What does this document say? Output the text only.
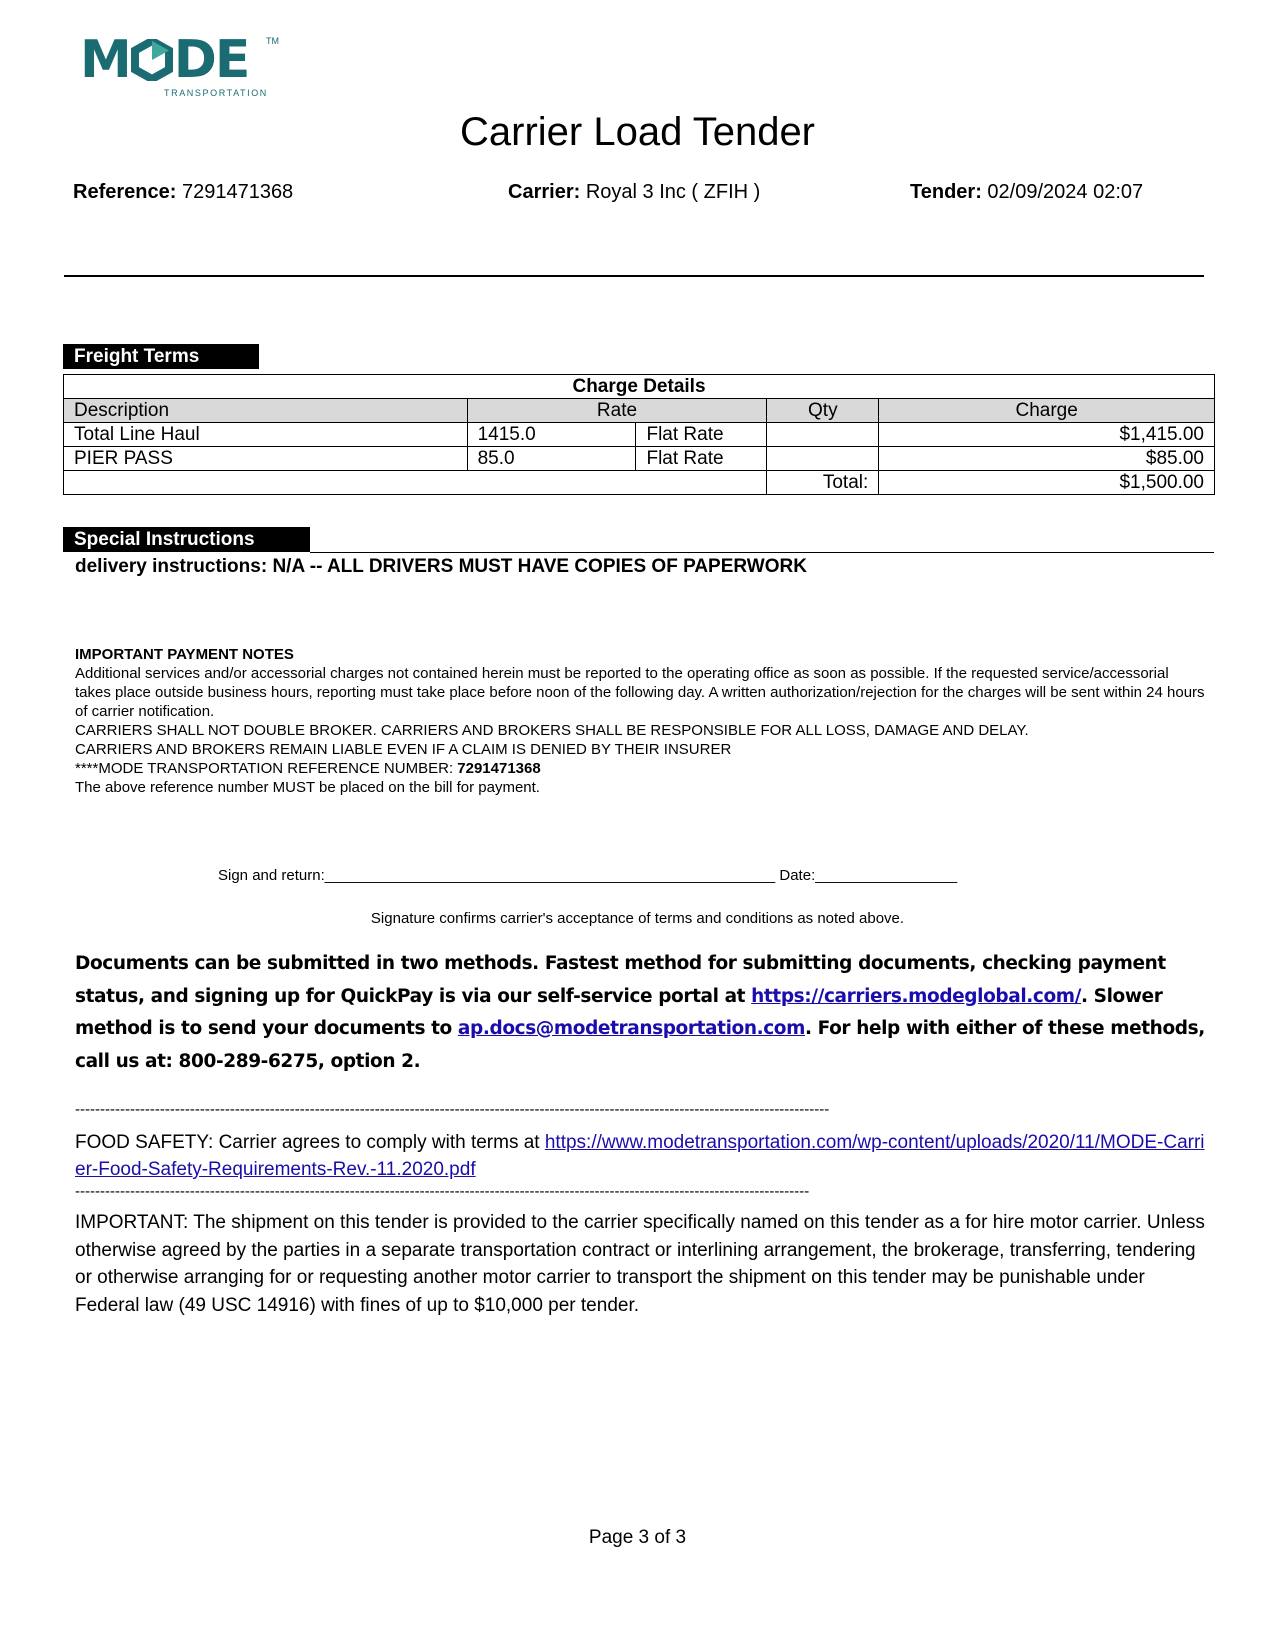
M DE TM
TRANSPORTATION
Carrier Load Tender
Reference: 7291471368	Carrier: Royal 3 Inc ( ZFIH )	Tender: 02/09/2024 02:07
Freight Terms
Charge Details				
Description	Rate		Qty	Charge
Total Line Haul	1415.0	Flat Rate		$1,415.00
PIER PASS	85.0	Flat Rate		$85.00
			Total:	$1,500.00
Special Instructions
delivery instructions: N/A -- ALL DRIVERS MUST HAVE COPIES OF PAPERWORK
IMPORTANT PAYMENT NOTES
Additional services and/or accessorial charges not contained herein must be reported to the operating office as soon as possible. If the requested service/accessorial takes place outside business hours, reporting must take place before noon of the following day. A written authorization/rejection for the charges will be sent within 24 hours of carrier notification.
CARRIERS SHALL NOT DOUBLE BROKER. CARRIERS AND BROKERS SHALL BE RESPONSIBLE FOR ALL LOSS, DAMAGE AND DELAY.
CARRIERS AND BROKERS REMAIN LIABLE EVEN IF A CLAIM IS DENIED BY THEIR INSURER
****MODE TRANSPORTATION REFERENCE NUMBER: 7291471368
The above reference number MUST be placed on the bill for payment.
Sign and return:______________________________________________________ Date:_________________
Signature confirms carrier's acceptance of terms and conditions as noted above.
Documents can be submitted in two methods. Fastest method for submitting documents, checking payment status, and signing up for QuickPay is via our self-service portal at https://carriers.modeglobal.com/. Slower method is to send your documents to ap.docs@modetransportation.com. For help with either of these methods, call us at: 800-289-6275, option 2.
-------------------------------------------------------------------------------------------------------------------------------------------------------
FOOD SAFETY: Carrier agrees to comply with terms at https://www.modetransportation.com/wp-content/uploads/2020/11/MODE-Carrier-Food-Safety-Requirements-Rev.-11.2020.pdf
---------------------------------------------------------------------------------------------------------------------------------------------------
IMPORTANT: The shipment on this tender is provided to the carrier specifically named on this tender as a for hire motor carrier. Unless otherwise agreed by the parties in a separate transportation contract or interlining arrangement, the brokerage, transferring, tendering or otherwise arranging for or requesting another motor carrier to transport the shipment on this tender may be punishable under Federal law (49 USC 14916) with fines of up to $10,000 per tender.
Page 3 of 3
